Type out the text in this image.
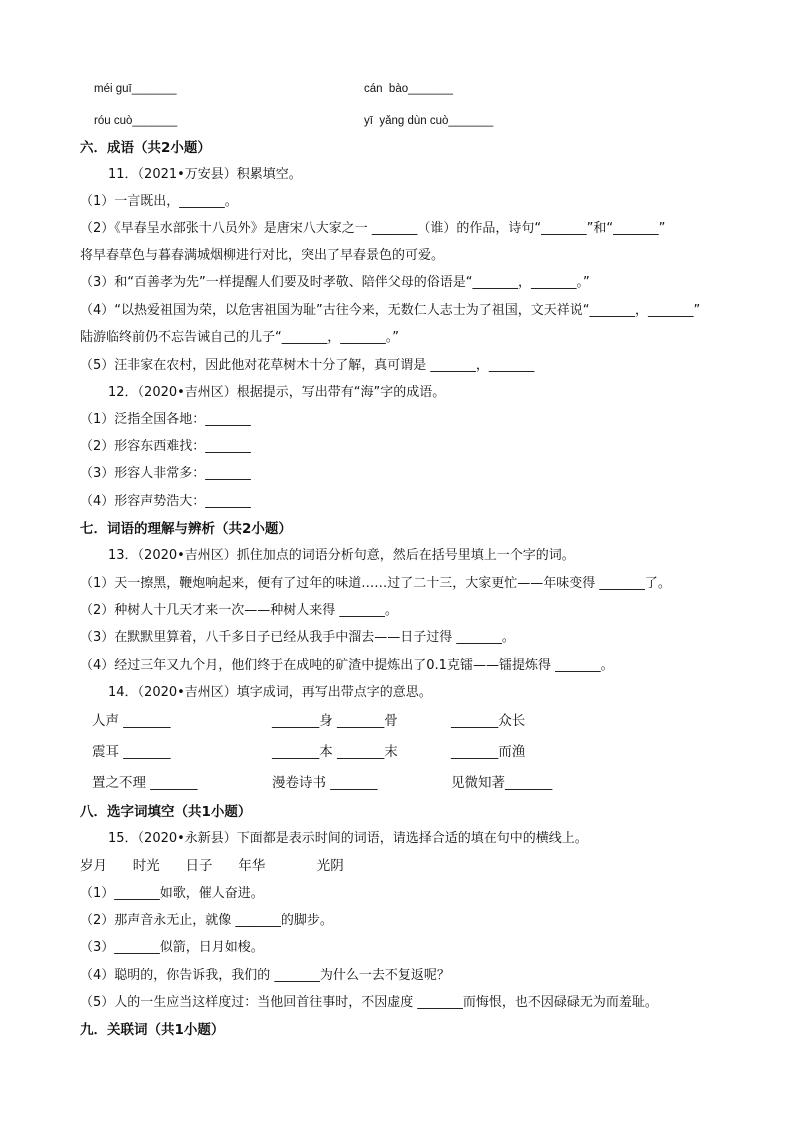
méi guī_______	cán  bào_______
róu cuò_______	yī  yǎng dùn cuò_______
六．成语（共2小题）
11．（2021•万安县）积累填空。
（1）一言既出，_______。
（2）《早春呈水部张十八员外》是唐宋八大家之一 _______（谁）的作品，诗句“_______”和“_______”
将早春草色与暮春满城烟柳进行对比，突出了早春景色的可爱。
（3）和“百善孝为先”一样提醒人们要及时孝敬、陪伴父母的俗语是“_______，_______。”
（4）“以热爱祖国为荣，以危害祖国为耻”古往今来，无数仁人志士为了祖国，文天祥说“_______，_______”
陆游临终前仍不忘告诫自己的儿子“_______，_______。”
（5）汪非家在农村，因此他对花草树木十分了解，真可谓是 _______，_______
12．（2020•吉州区）根据提示，写出带有“海”字的成语。
（1）泛指全国各地：_______
（2）形容东西难找：_______
（3）形容人非常多：_______
（4）形容声势浩大：_______
七．词语的理解与辨析（共2小题）
13．（2020•吉州区）抓住加点的词语分析句意，然后在括号里填上一个字的词。
（1）天一擦黑，鞭炮响起来，便有了过年的味道……过了二十三，大家更忙——年味变得 _______了。
（2）种树人十几天才来一次——种树人来得 _______。
（3）在默默里算着，八千多日子已经从我手中溜去——日子过得 _______。
（4）经过三年又九个月，他们终于在成吨的矿渣中提炼出了0.1克镭——镭提炼得 _______。
14．（2020•吉州区）填字成词，再写出带点字的意思。
人声 _______	_______身 _______骨	_______众长
震耳 _______	_______本 _______末	_______而渔
置之不理 _______	漫卷诗书 _______	见微知著_______
八．选字词填空（共1小题）
15．（2020•永新县）下面都是表示时间的词语，请选择合适的填在句中的横线上。
岁月      时光      日子      年华            光阴
（1）_______如歌，催人奋进。
（2）那声音永无止，就像 _______的脚步。
（3）_______似箭，日月如梭。
（4）聪明的，你告诉我，我们的 _______为什么一去不复返呢？
（5）人的一生应当这样度过：当他回首往事时，不因虚度 _______而悔恨，也不因碌碌无为而羞耻。
九．关联词（共1小题）
